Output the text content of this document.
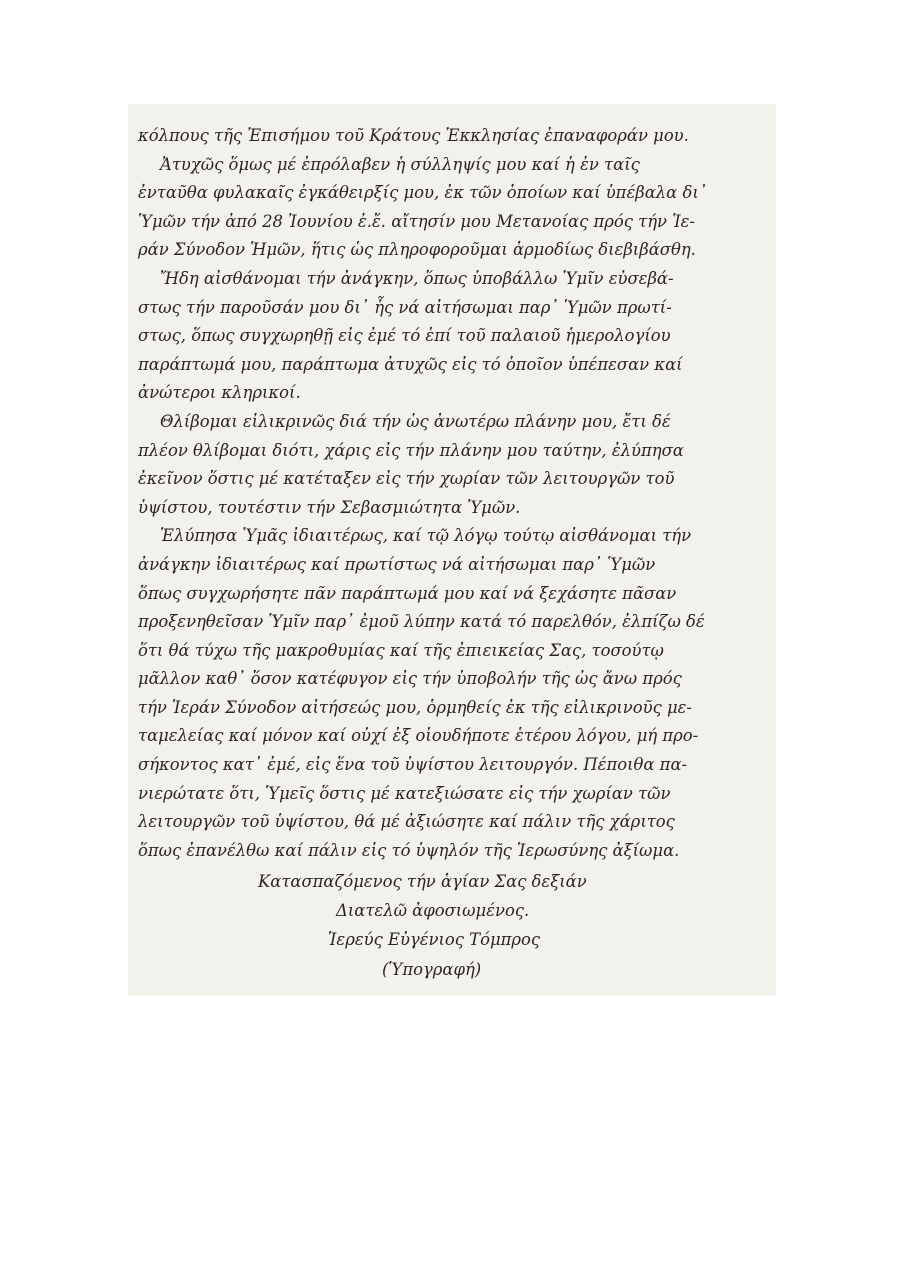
κόλπους τῆς Ἐπισήμου τοῦ Κράτους Ἐκκλησίας ἐπαναφοράν μου.
Ἀτυχῶς ὅμως μέ ἐπρόλαβεν ἡ σύλληψίς μου καί ἡ ἐν ταῖς
ἐνταῦθα φυλακαῖς ἐγκάθειρξίς μου, ἐκ τῶν ὁποίων καί ὑπέβαλα δι᾽
Ὑμῶν τήν ἀπό 28 Ἰουνίου ἐ.ἔ. αἴτησίν μου Μετανοίας πρός τήν Ἱε-
ράν Σύνοδον Ἡμῶν, ἥτις ὡς πληροφοροῦμαι ἀρμοδίως διεβιβάσθη.
Ἤδη αἰσθάνομαι τήν ἀνάγκην, ὅπως ὑποβάλλω Ὑμῖν εὐσεβά-
στως τήν παροῦσάν μου δι᾽ ἧς νά αἰτήσωμαι παρ᾽ Ὑμῶν πρωτί-
στως, ὅπως συγχωρηθῇ εἰς ἐμέ τό ἐπί τοῦ παλαιοῦ ἡμερολογίου
παράπτωμά μου, παράπτωμα ἀτυχῶς εἰς τό ὁποῖον ὑπέπεσαν καί
ἀνώτεροι κληρικοί.
Θλίβομαι εἰλικρινῶς διά τήν ὡς ἀνωτέρω πλάνην μου, ἔτι δέ
πλέον θλίβομαι διότι, χάρις εἰς τήν πλάνην μου ταύτην, ἐλύπησα
ἐκεῖνον ὅστις μέ κατέταξεν εἰς τήν χωρίαν τῶν λειτουργῶν τοῦ
ὑψίστου, τουτέστιν τήν Σεβασμιώτητα Ὑμῶν.
Ἐλύπησα Ὑμᾶς ἰδιαιτέρως, καί τῷ λόγῳ τούτῳ αἰσθάνομαι τήν
ἀνάγκην ἰδιαιτέρως καί πρωτίστως νά αἰτήσωμαι παρ᾽ Ὑμῶν
ὅπως συγχωρήσητε πᾶν παράπτωμά μου καί νά ξεχάσητε πᾶσαν
προξενηθεῖσαν Ὑμῖν παρ᾽ ἐμοῦ λύπην κατά τό παρελθόν, ἐλπίζω δέ
ὅτι θά τύχω τῆς μακροθυμίας καί τῆς ἐπιεικείας Σας, τοσούτῳ
μᾶλλον καθ᾽ ὅσον κατέφυγον εἰς τήν ὑποβολήν τῆς ὡς ἄνω πρός
τήν Ἱεράν Σύνοδον αἰτήσεώς μου, ὁρμηθείς ἐκ τῆς εἰλικρινοῦς με-
ταμελείας καί μόνον καί οὐχί ἐξ οἱουδήποτε ἑτέρου λόγου, μή προ-
σήκοντος κατ᾽ ἐμέ, εἰς ἕνα τοῦ ὑψίστου λειτουργόν. Πέποιθα πα-
νιερώτατε ὅτι, Ὑμεῖς ὅστις μέ κατεξιώσατε εἰς τήν χωρίαν τῶν
λειτουργῶν τοῦ ὑψίστου, θά μέ ἀξιώσητε καί πάλιν τῆς χάριτος
ὅπως ἐπανέλθω καί πάλιν εἰς τό ὑψηλόν τῆς Ἱερωσύνης ἀξίωμα.
Κατασπαζόμενος τήν ἁγίαν Σας δεξιάν
Διατελῶ ἀφοσιωμένος.
Ἱερεύς Εὐγένιος Τόμπρος
(Ὑπογραφή)
